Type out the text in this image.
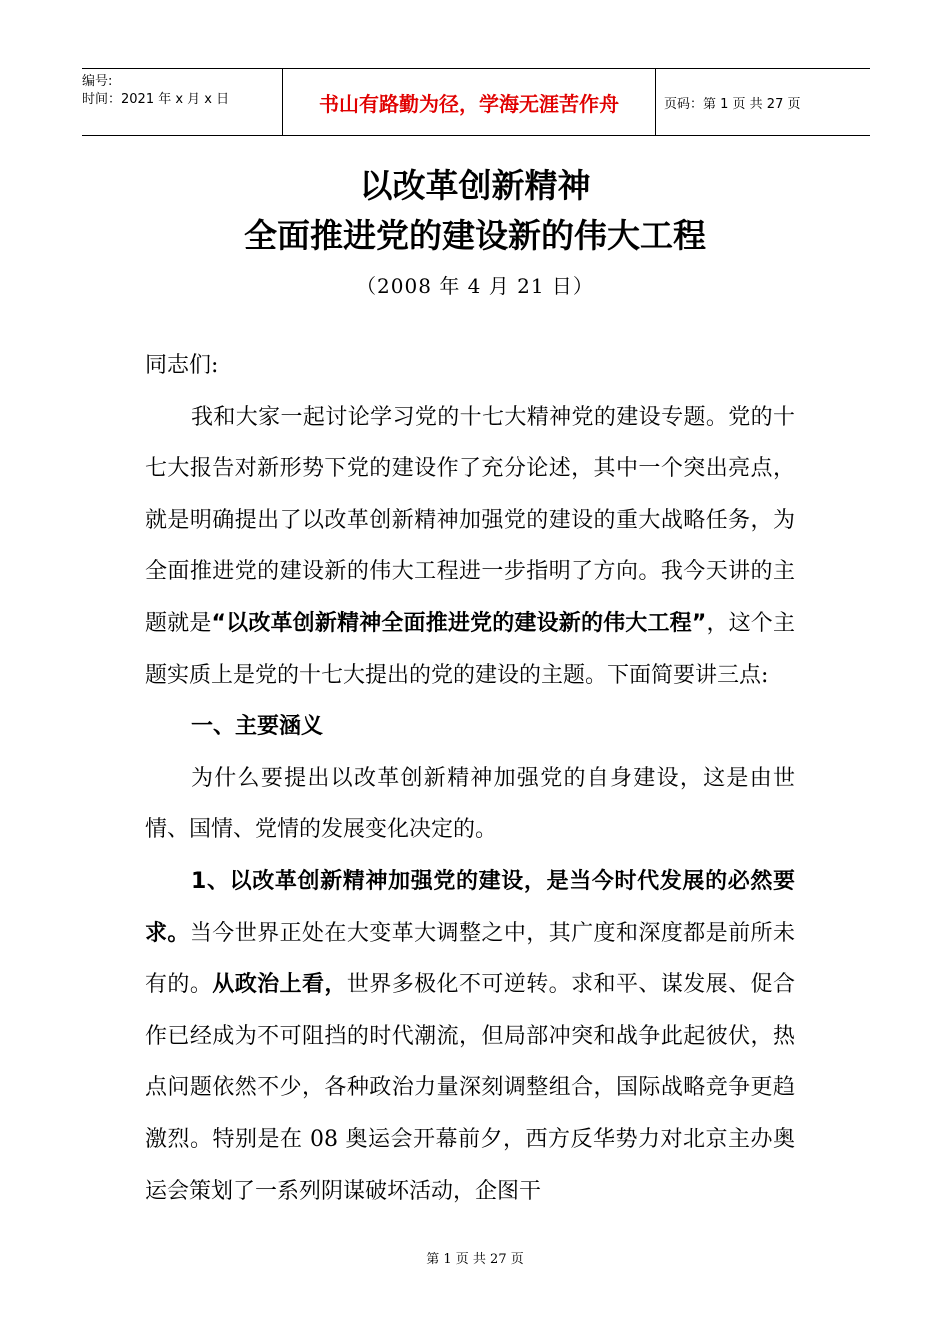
编号:
时间：2021 年 x 月 x 日	书山有路勤为径，学海无涯苦作舟	页码：第 1 页 共 27 页
以改革创新精神
全面推进党的建设新的伟大工程
（2008 年 4 月 21 日）

同志们:

我和大家一起讨论学习党的十七大精神党的建设专题。党的十七大报告对新形势下党的建设作了充分论述，其中一个突出亮点，就是明确提出了以改革创新精神加强党的建设的重大战略任务，为全面推进党的建设新的伟大工程进一步指明了方向。我今天讲的主题就是“以改革创新精神全面推进党的建设新的伟大工程”，这个主题实质上是党的十七大提出的党的建设的主题。下面简要讲三点:

一、主要涵义

为什么要提出以改革创新精神加强党的自身建设，这是由世情、国情、党情的发展变化决定的。

1、以改革创新精神加强党的建设，是当今时代发展的必然要求。当今世界正处在大变革大调整之中，其广度和深度都是前所未有的。从政治上看，世界多极化不可逆转。求和平、谋发展、促合作已经成为不可阻挡的时代潮流，但局部冲突和战争此起彼伏，热点问题依然不少，各种政治力量深刻调整组合，国际战略竞争更趋激烈。特别是在 08 奥运会开幕前夕，西方反华势力对北京主办奥运会策划了一系列阴谋破坏活动，企图干

第 1 页 共 27 页
